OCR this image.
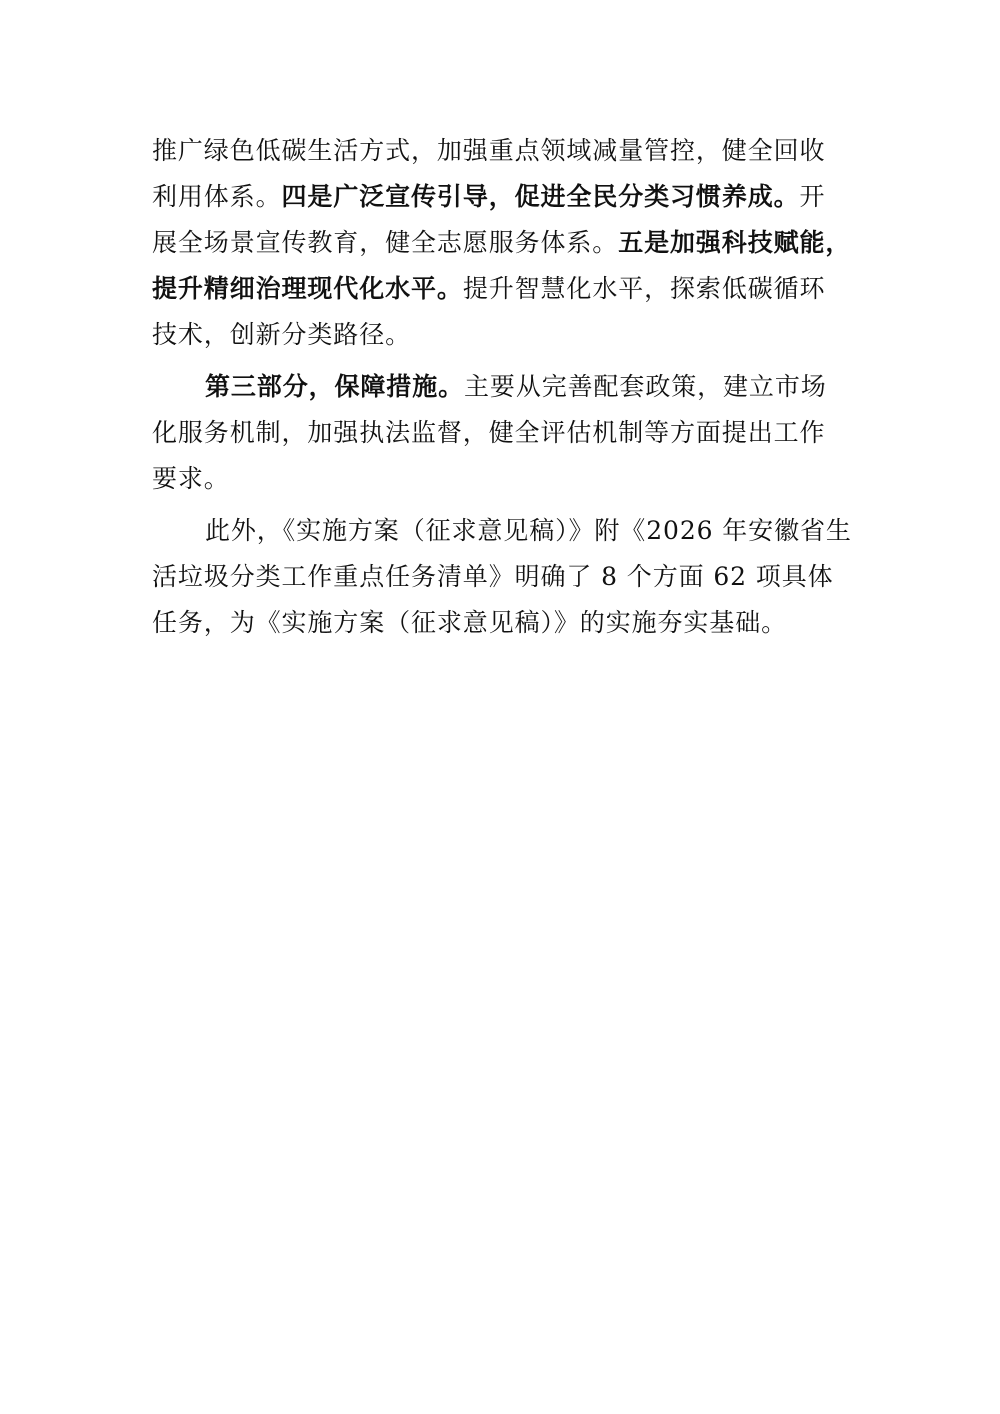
推广绿色低碳生活方式，加强重点领域减量管控，健全回收
利用体系。四是广泛宣传引导，促进全民分类习惯养成。开
展全场景宣传教育，健全志愿服务体系。五是加强科技赋能，
提升精细治理现代化水平。提升智慧化水平，探索低碳循环
技术，创新分类路径。
第三部分，保障措施。主要从完善配套政策，建立市场
化服务机制，加强执法监督，健全评估机制等方面提出工作
要求。
此外，《实施方案（征求意见稿）》附《2026 年安徽省生
活垃圾分类工作重点任务清单》明确了 8 个方面 62 项具体
任务，为《实施方案（征求意见稿）》的实施夯实基础。
